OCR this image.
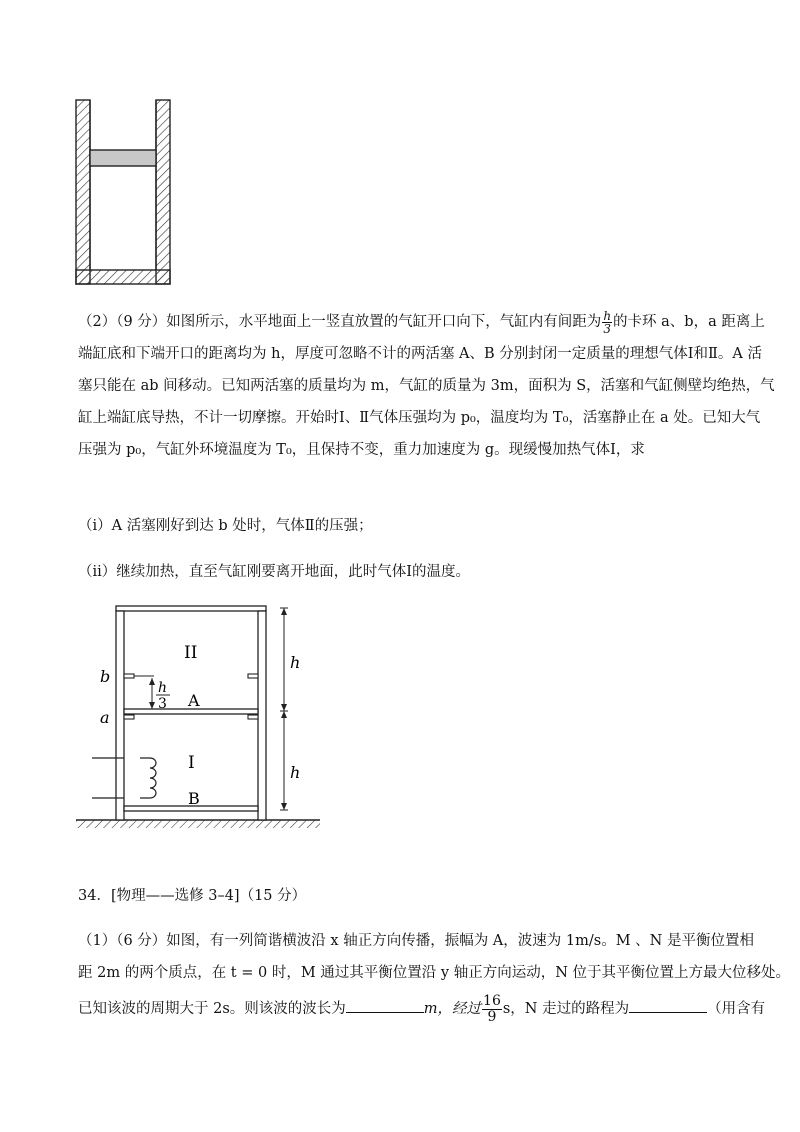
（2）（9 分）如图所示，水平地面上一竖直放置的气缸开口向下，气缸内有间距为 $\frac{h}{3}$ 的卡环 a、b，a 距离上
端缸底和下端开口的距离均为 h，厚度可忽略不计的两活塞 A、B 分别封闭一定质量的理想气体Ⅰ和Ⅱ。A 活
塞只能在 ab 间移动。已知两活塞的质量均为 m，气缸的质量为 3m，面积为 S，活塞和气缸侧壁均绝热，气
缸上端缸底导热，不计一切摩擦。开始时Ⅰ、Ⅱ气体压强均为 p₀，温度均为 T₀，活塞静止在 a 处。已知大气
压强为 p₀，气缸外环境温度为 T₀，且保持不变，重力加速度为 g。现缓慢加热气体Ⅰ，求
（ⅰ）A 活塞刚好到达 b 处时，气体Ⅱ的压强；
（ⅱ）继续加热，直至气缸刚要离开地面，此时气体Ⅰ的温度。
II
I
A
B
b
a
h
h
h
3
34．[物理——选修 3–4]（15 分）
（1）（6 分）如图，有一列简谐横波沿 x 轴正方向传播，振幅为 A，波速为 1m/s。M 、N 是平衡位置相
距 2m 的两个质点，在 t = 0 时，M 通过其平衡位置沿 y 轴正方向运动，N 位于其平衡位置上方最大位移处。
已知该波的周期大于 2s。则该波的波长为	m，经过 $\frac{16}{9}$ s，N 走过的路程为	（用含有
